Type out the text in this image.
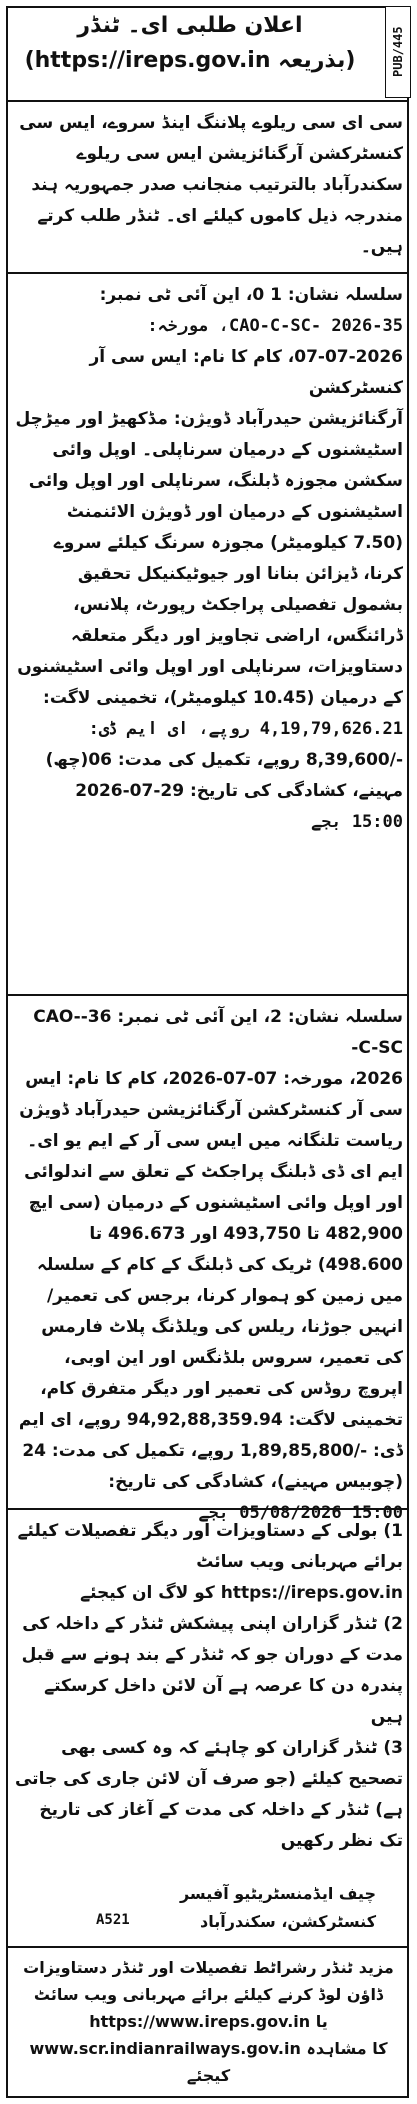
اعلان طلبی ای۔ ٹنڈر
(https://ireps.gov.in بذریعہ)	PUB/445
سی ای سی ریلوے پلاننگ اینڈ سروے، ایس سی کنسٹرکشن آرگنائزیشن ایس سی ریلوے سکندرآباد بالترتیب منجانب صدر جمہوریہ ہند مندرجہ ذیل کاموں کیلئے ای۔ ٹنڈر طلب کرتے ہیں۔
سلسلہ نشان: 1 0، این آئی ٹی نمبر:
35-CAO-C-SC- 2026، مورخہ:
07-07-2026، کام کا نام: ایس سی آر کنسٹرکشن
آرگنائزیشن حیدرآباد ڈویژن: مڈکھیڑ اور میڑچل اسٹیشنوں کے درمیان سرناپلی۔ اوپل وائی سکشن مجوزہ ڈبلنگ، سرناپلی اور اوپل وائی اسٹیشنوں کے درمیان اور ڈویژن الائنمنٹ (7.50 کیلومیٹر) مجوزہ سرنگ کیلئے سروے کرنا، ڈیزائن بنانا اور جیوٹیکنیکل تحقیق بشمول تفصیلی پراجکٹ رپورٹ، پلانس، ڈرائنگس، اراضی تجاویز اور دیگر متعلقہ دستاویزات، سرناپلی اور اوپل وائی اسٹیشنوں کے درمیان (10.45 کیلومیٹر)، تخمینی لاگت:
4,19,79,626.21 روپے، ای ایم ڈی:
-/8,39,600 روپے، تکمیل کی مدت: 06(چھ)
مہینے، کشادگی کی تاریخ: 29-07-2026
15:00 بجے
سلسلہ نشان: 2، این آئی ٹی نمبر: 36-CAO-C-SC-
2026، مورخہ: 07-07-2026، کام کا نام: ایس سی آر کنسٹرکشن آرگنائزیشن حیدرآباد ڈویژن ریاست تلنگانہ میں ایس سی آر کے ایم یو ای۔ ایم ای ڈی ڈبلنگ پراجکٹ کے تعلق سے اندلوائی اور اوپل وائی اسٹیشنوں کے درمیان (سی ایچ 482,900 تا 493,750 اور 496.673 تا 498.600) ٹریک کی ڈبلنگ کے کام کے سلسلہ میں زمین کو ہموار کرنا، برجس کی تعمیر/انہیں جوڑنا، ریلس کی ویلڈنگ پلاٹ فارمس کی تعمیر، سروس بلڈنگس اور این اوبی، اپروچ روڈس کی تعمیر اور دیگر متفرق کام، تخمینی لاگت: 94,92,88,359.94 روپے، ای ایم ڈی: -/1,89,85,800 روپے، تکمیل کی مدت: 24 (چوبیس مہینے)، کشادگی کی تاریخ:
15:00 05/08/2026 بجے
1) بولی کے دستاویزات اور دیگر تفصیلات کیلئے برائے مہربانی ویب سائٹ https://ireps.gov.in کو لاگ ان کیجئے
2) ٹنڈر گزاران اپنی پیشکش ٹنڈر کے داخلہ کی مدت کے دوران جو کہ ٹنڈر کے بند ہونے سے قبل پندرہ دن کا عرصہ ہے آن لائن داخل کرسکتے ہیں
3) ٹنڈر گزاران کو چاہئے کہ وہ کسی بھی تصحیح کیلئے (جو صرف آن لائن جاری کی جاتی ہے) ٹنڈر کے داخلہ کی مدت کے آغاز کی تاریخ تک نظر رکھیں
چیف ایڈمنسٹریٹیو آفیسر
کنسٹرکشن، سکندرآباد
A521
مزید ٹنڈر رشراٹط تفصیلات اور ٹنڈر دستاویزات ڈاؤن لوڈ کرنے کیلئے برائے مہربانی ویب سائٹ
https://www.ireps.gov.in یا
www.scr.indianrailways.gov.in کا مشاہدہ کیجئے
